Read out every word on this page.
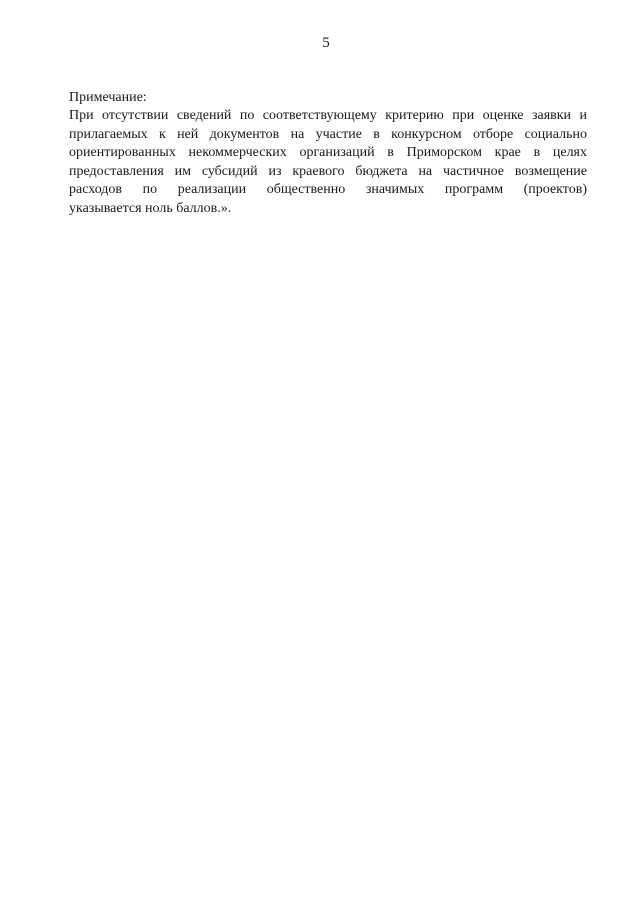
5

Примечание:

При отсутствии сведений по соответствующему критерию при оценке заявки и
прилагаемых к ней документов на участие в конкурсном отборе социально
ориентированных некоммерческих организаций в Приморском крае в целях
предоставления им субсидий из краевого бюджета на частичное возмещение
расходов по реализации общественно значимых программ (проектов)
указывается ноль баллов.».
